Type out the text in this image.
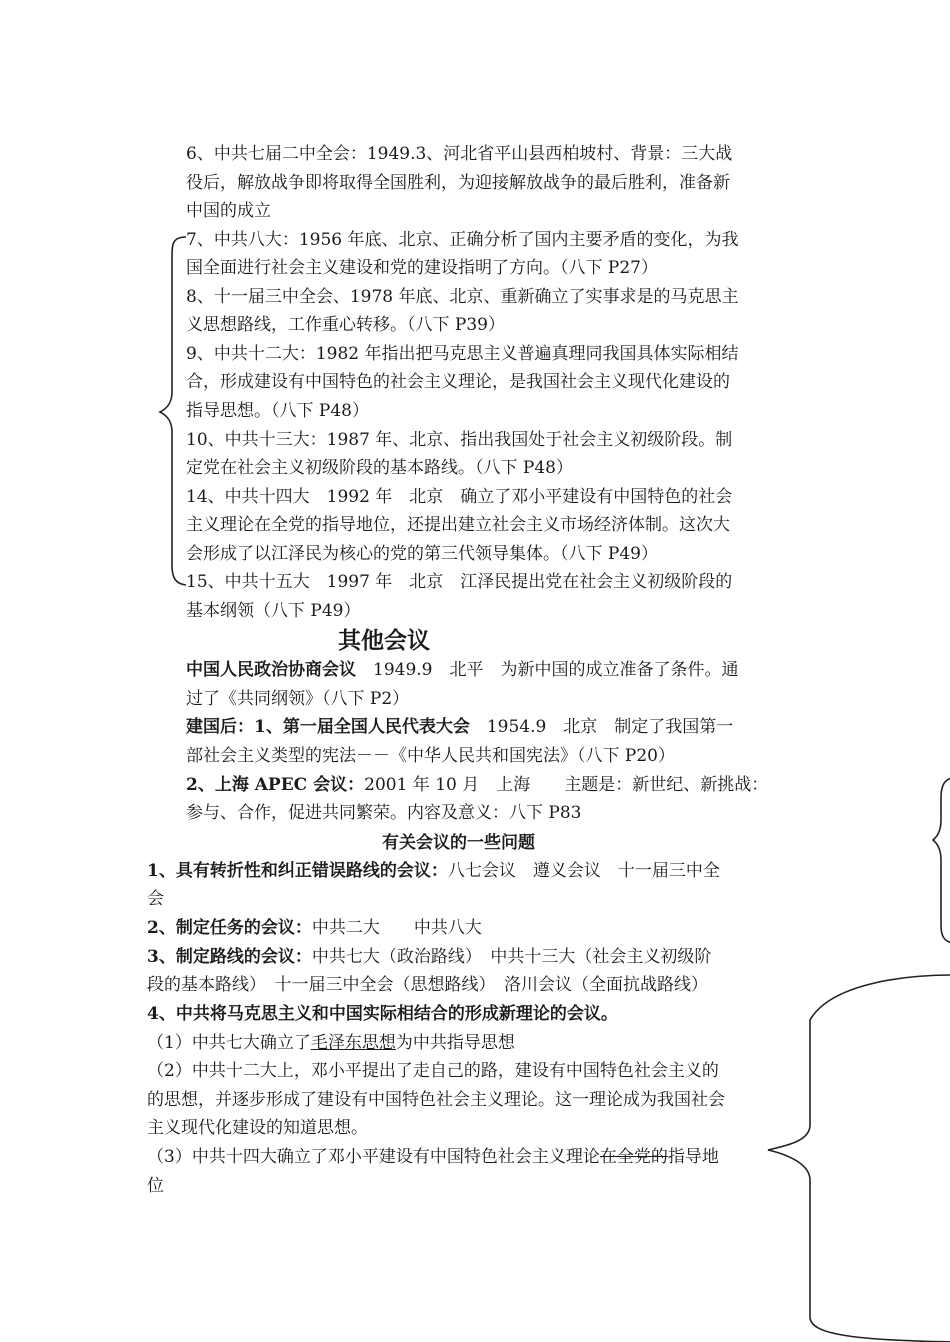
6、中共七届二中全会：1949.3、河北省平山县西柏坡村、背景：三大战
役后，解放战争即将取得全国胜利，为迎接解放战争的最后胜利，准备新
中国的成立
7、中共八大：1956 年底、北京、正确分析了国内主要矛盾的变化，为我
国全面进行社会主义建设和党的建设指明了方向。（八下 P27）
8、十一届三中全会、1978 年底、北京、重新确立了实事求是的马克思主
义思想路线，工作重心转移。（八下 P39）
9、中共十二大：1982 年指出把马克思主义普遍真理同我国具体实际相结
合，形成建设有中国特色的社会主义理论，是我国社会主义现代化建设的
指导思想。（八下 P48）
10、中共十三大：1987 年、北京、指出我国处于社会主义初级阶段。制
定党在社会主义初级阶段的基本路线。（八下 P48）
14、中共十四大　1992 年　北京　确立了邓小平建设有中国特色的社会
主义理论在全党的指导地位，还提出建立社会主义市场经济体制。这次大
会形成了以江泽民为核心的党的第三代领导集体。（八下 P49）
15、中共十五大　1997 年　北京　江泽民提出党在社会主义初级阶段的
基本纲领（八下 P49）
其他会议
中国人民政治协商会议　1949.9　北平　为新中国的成立准备了条件。通
过了《共同纲领》（八下 P2）
建国后：1、第一届全国人民代表大会　1954.9　北京　制定了我国第一
部社会主义类型的宪法－－《中华人民共和国宪法》（八下 P20）
2、上海 APEC 会议：2001 年 10 月　上海　　主题是：新世纪、新挑战：
参与、合作，促进共同繁荣。内容及意义：八下 P83
有关会议的一些问题
1、具有转折性和纠正错误路线的会议：八七会议　遵义会议　十一届三中全
会
2、制定任务的会议：中共二大　　中共八大
3、制定路线的会议：中共七大（政治路线）　中共十三大（社会主义初级阶
段的基本路线）　十一届三中全会（思想路线）　洛川会议（全面抗战路线）
4、中共将马克思主义和中国实际相结合的形成新理论的会议。
（1）中共七大确立了毛泽东思想为中共指导思想
（2）中共十二大上，邓小平提出了走自己的路，建设有中国特色社会主义的
的思想，并逐步形成了建设有中国特色社会主义理论。这一理论成为我国社会
主义现代化建设的知道思想。
（3）中共十四大确立了邓小平建设有中国特色社会主义理论在全党的指导地
位
